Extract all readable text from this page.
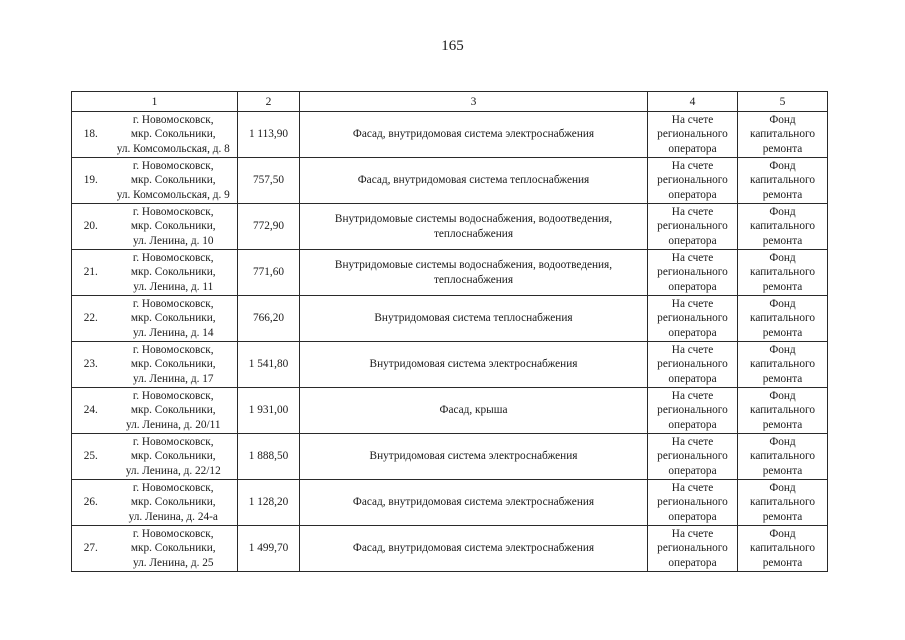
165
1		2	3	4	5
18.	г. Новомосковск,
мкр. Сокольники,
ул. Комсомольская, д. 8	1 113,90	Фасад, внутридомовая система электроснабжения	На счете
регионального
оператора	Фонд
капитального
ремонта

19.	г. Новомосковск,
мкр. Сокольники,
ул. Комсомольская, д. 9	757,50	Фасад, внутридомовая система теплоснабжения	На счете
регионального
оператора	Фонд
капитального
ремонта

20.	г. Новомосковск,
мкр. Сокольники,
ул. Ленина, д. 10	772,90	Внутридомовые системы водоснабжения, водоотведения,
теплоснабжения	На счете
регионального
оператора	Фонд
капитального
ремонта

21.	г. Новомосковск,
мкр. Сокольники,
ул. Ленина, д. 11	771,60	Внутридомовые системы водоснабжения, водоотведения,
теплоснабжения	На счете
регионального
оператора	Фонд
капитального
ремонта

22.	г. Новомосковск,
мкр. Сокольники,
ул. Ленина, д. 14	766,20	Внутридомовая система теплоснабжения	На счете
регионального
оператора	Фонд
капитального
ремонта

23.	г. Новомосковск,
мкр. Сокольники,
ул. Ленина, д. 17	1 541,80	Внутридомовая система электроснабжения	На счете
регионального
оператора	Фонд
капитального
ремонта

24.	г. Новомосковск,
мкр. Сокольники,
ул. Ленина, д. 20/11	1 931,00	Фасад, крыша	На счете
регионального
оператора	Фонд
капитального
ремонта

25.	г. Новомосковск,
мкр. Сокольники,
ул. Ленина, д. 22/12	1 888,50	Внутридомовая система электроснабжения	На счете
регионального
оператора	Фонд
капитального
ремонта

26.	г. Новомосковск,
мкр. Сокольники,
ул. Ленина, д. 24-а	1 128,20	Фасад, внутридомовая система электроснабжения	На счете
регионального
оператора	Фонд
капитального
ремонта

27.	г. Новомосковск,
мкр. Сокольники,
ул. Ленина, д. 25	1 499,70	Фасад, внутридомовая система электроснабжения	На счете
регионального
оператора	Фонд
капитального
ремонта
